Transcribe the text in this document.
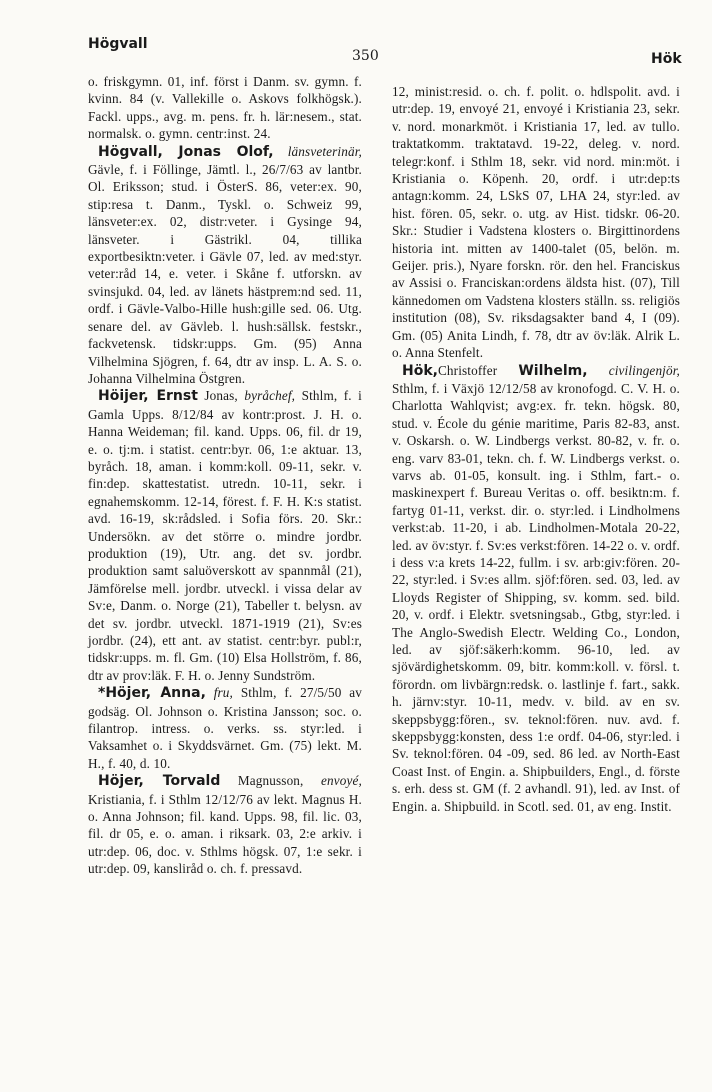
Högvall
350	Hök

o. friskgymn. 01, inf. först i Danm. sv. gymn. f. kvinn. 84 (v. Vallekille o. Askovs folkhögsk.). Fackl. upps., avg. m. pens. fr. h. lär:nesem., stat. normalsk. o. gymn. centr:inst. 24.

Högvall, Jonas Olof, länsveterinär, Gävle, f. i Föllinge, Jämtl. l., 26/7/63 av lantbr. Ol. Eriksson; stud. i ÖsterS. 86, veter:ex. 90, stip:resa t. Danm., Tyskl. o. Schweiz 99, länsveter:ex. 02, distr:veter. i Gysinge 94, länsveter. i Gästrikl. 04, tillika exportbesiktn:veter. i Gävle 07, led. av med:styr. veter:råd 14, e. veter. i Skåne f. utforskn. av svinsjukd. 04, led. av länets hästprem:nd sed. 11, ordf. i Gävle-Valbo-Hille hush:gille sed. 06. Utg. senare del. av Gävleb. l. hush:sällsk. festskr., fackvetensk. tidskr:upps. Gm. (95) Anna Vilhelmina Sjögren, f. 64, dtr av insp. L. A. S. o. Johanna Vilhelmina Östgren.

Höijer, Ernst Jonas, byråchef, Sthlm, f. i Gamla Upps. 8/12/84 av kontr:prost. J. H. o. Hanna Weideman; fil. kand. Upps. 06, fil. dr 19, e. o. tj:m. i statist. centr:byr. 06, 1:e aktuar. 13, byråch. 18, aman. i komm:koll. 09-11, sekr. v. fin:dep. skattestatist. utredn. 10-11, sekr. i egnahemskomm. 12-14, förest. f. F. H. K:s statist. avd. 16-19, sk:rådsled. i Sofia förs. 20. Skr.: Undersökn. av det större o. mindre jordbr. produktion (19), Utr. ang. det sv. jordbr. produktion samt saluöverskott av spannmål (21), Jämförelse mell. jordbr. utveckl. i vissa delar av Sv:e, Danm. o. Norge (21), Tabeller t. belysn. av det sv. jordbr. utveckl. 1871-1919 (21), Sv:es jordbr. (24), ett ant. av statist. centr:byr. publ:r, tidskr:upps. m. fl. Gm. (10) Elsa Hollström, f. 86, dtr av prov:läk. F. H. o. Jenny Sundström.

*Höjer, Anna, fru, Sthlm, f. 27/5/50 av godsäg. Ol. Johnson o. Kristina Jansson; soc. o. filantrop. intress. o. verks. ss. styr:led. i Vaksamhet o. i Skyddsvärnet. Gm. (75) lekt. M. H., f. 40, d. 10.

Höjer, Torvald Magnusson, envoyé, Kristiania, f. i Sthlm 12/12/76 av lekt. Magnus H. o. Anna Johnson; fil. kand. Upps. 98, fil. lic. 03, fil. dr 05, e. o. aman. i riksark. 03, 2:e arkiv. i utr:dep. 06, doc. v. Sthlms högsk. 07, 1:e sekr. i utr:dep. 09, kansliråd o. ch. f. pressavd.

12, minist:resid. o. ch. f. polit. o. hdlspolit. avd. i utr:dep. 19, envoyé 21, envoyé i Kristiania 23, sekr. v. nord. monarkmöt. i Kristiania 17, led. av tullo. traktatkomm. traktatavd. 19-22, deleg. v. nord. telegr:konf. i Sthlm 18, sekr. vid nord. min:möt. i Kristiania o. Köpenh. 20, ordf. i utr:dep:ts antagn:komm. 24, LSkS 07, LHA 24, styr:led. av hist. fören. 05, sekr. o. utg. av Hist. tidskr. 06-20. Skr.: Studier i Vadstena klosters o. Birgittinordens historia int. mitten av 1400-talet (05, belön. m. Geijer. pris.), Nyare forskn. rör. den hel. Franciskus av Assisi o. Franciskan:ordens äldsta hist. (07), Till kännedomen om Vadstena klosters ställn. ss. religiös institution (08), Sv. riksdagsakter band 4, I (09). Gm. (05) Anita Lindh, f. 78, dtr av öv:läk. Alrik L. o. Anna Stenfelt.

Hök,Christoffer Wilhelm, civilingenjör, Sthlm, f. i Växjö 12/12/58 av kronofogd. C. V. H. o. Charlotta Wahlqvist; avg:ex. fr. tekn. högsk. 80, stud. v. École du génie maritime, Paris 82-83, anst. v. Oskarsh. o. W. Lindbergs verkst. 80-82, v. fr. o. eng. varv 83-01, tekn. ch. f. W. Lindbergs verkst. o. varvs ab. 01-05, konsult. ing. i Sthlm, fart.- o. maskinexpert f. Bureau Veritas o. off. besiktn:m. f. fartyg 01-11, verkst. dir. o. styr:led. i Lindholmens verkst:ab. 11-20, i ab. Lindholmen-Motala 20-22, led. av öv:styr. f. Sv:es verkst:fören. 14-22 o. v. ordf. i dess v:a krets 14-22, fullm. i sv. arb:giv:fören. 20-22, styr:led. i Sv:es allm. sjöf:fören. sed. 03, led. av Lloyds Register of Shipping, sv. komm. sed. bild. 20, v. ordf. i Elektr. svetsningsab., Gtbg, styr:led. i The Anglo-Swedish Electr. Welding Co., London, led. av sjöf:säkerh:komm. 96-10, led. av sjövärdighetskomm. 09, bitr. komm:koll. v. försl. t. förordn. om livbärgn:redsk. o. lastlinje f. fart., sakk. h. järnv:styr. 10-11, medv. v. bild. av en sv. skeppsbygg:fören., sv. teknol:fören. nuv. avd. f. skeppsbygg:konsten, dess 1:e ordf. 04-06, styr:led. i Sv. teknol:fören. 04 -09, sed. 86 led. av North-East Coast Inst. of Engin. a. Shipbuilders, Engl., d. förste s. erh. dess st. GM (f. 2 avhandl. 91), led. av Inst. of Engin. a. Shipbuild. in Scotl. sed. 01, av eng. Instit.
